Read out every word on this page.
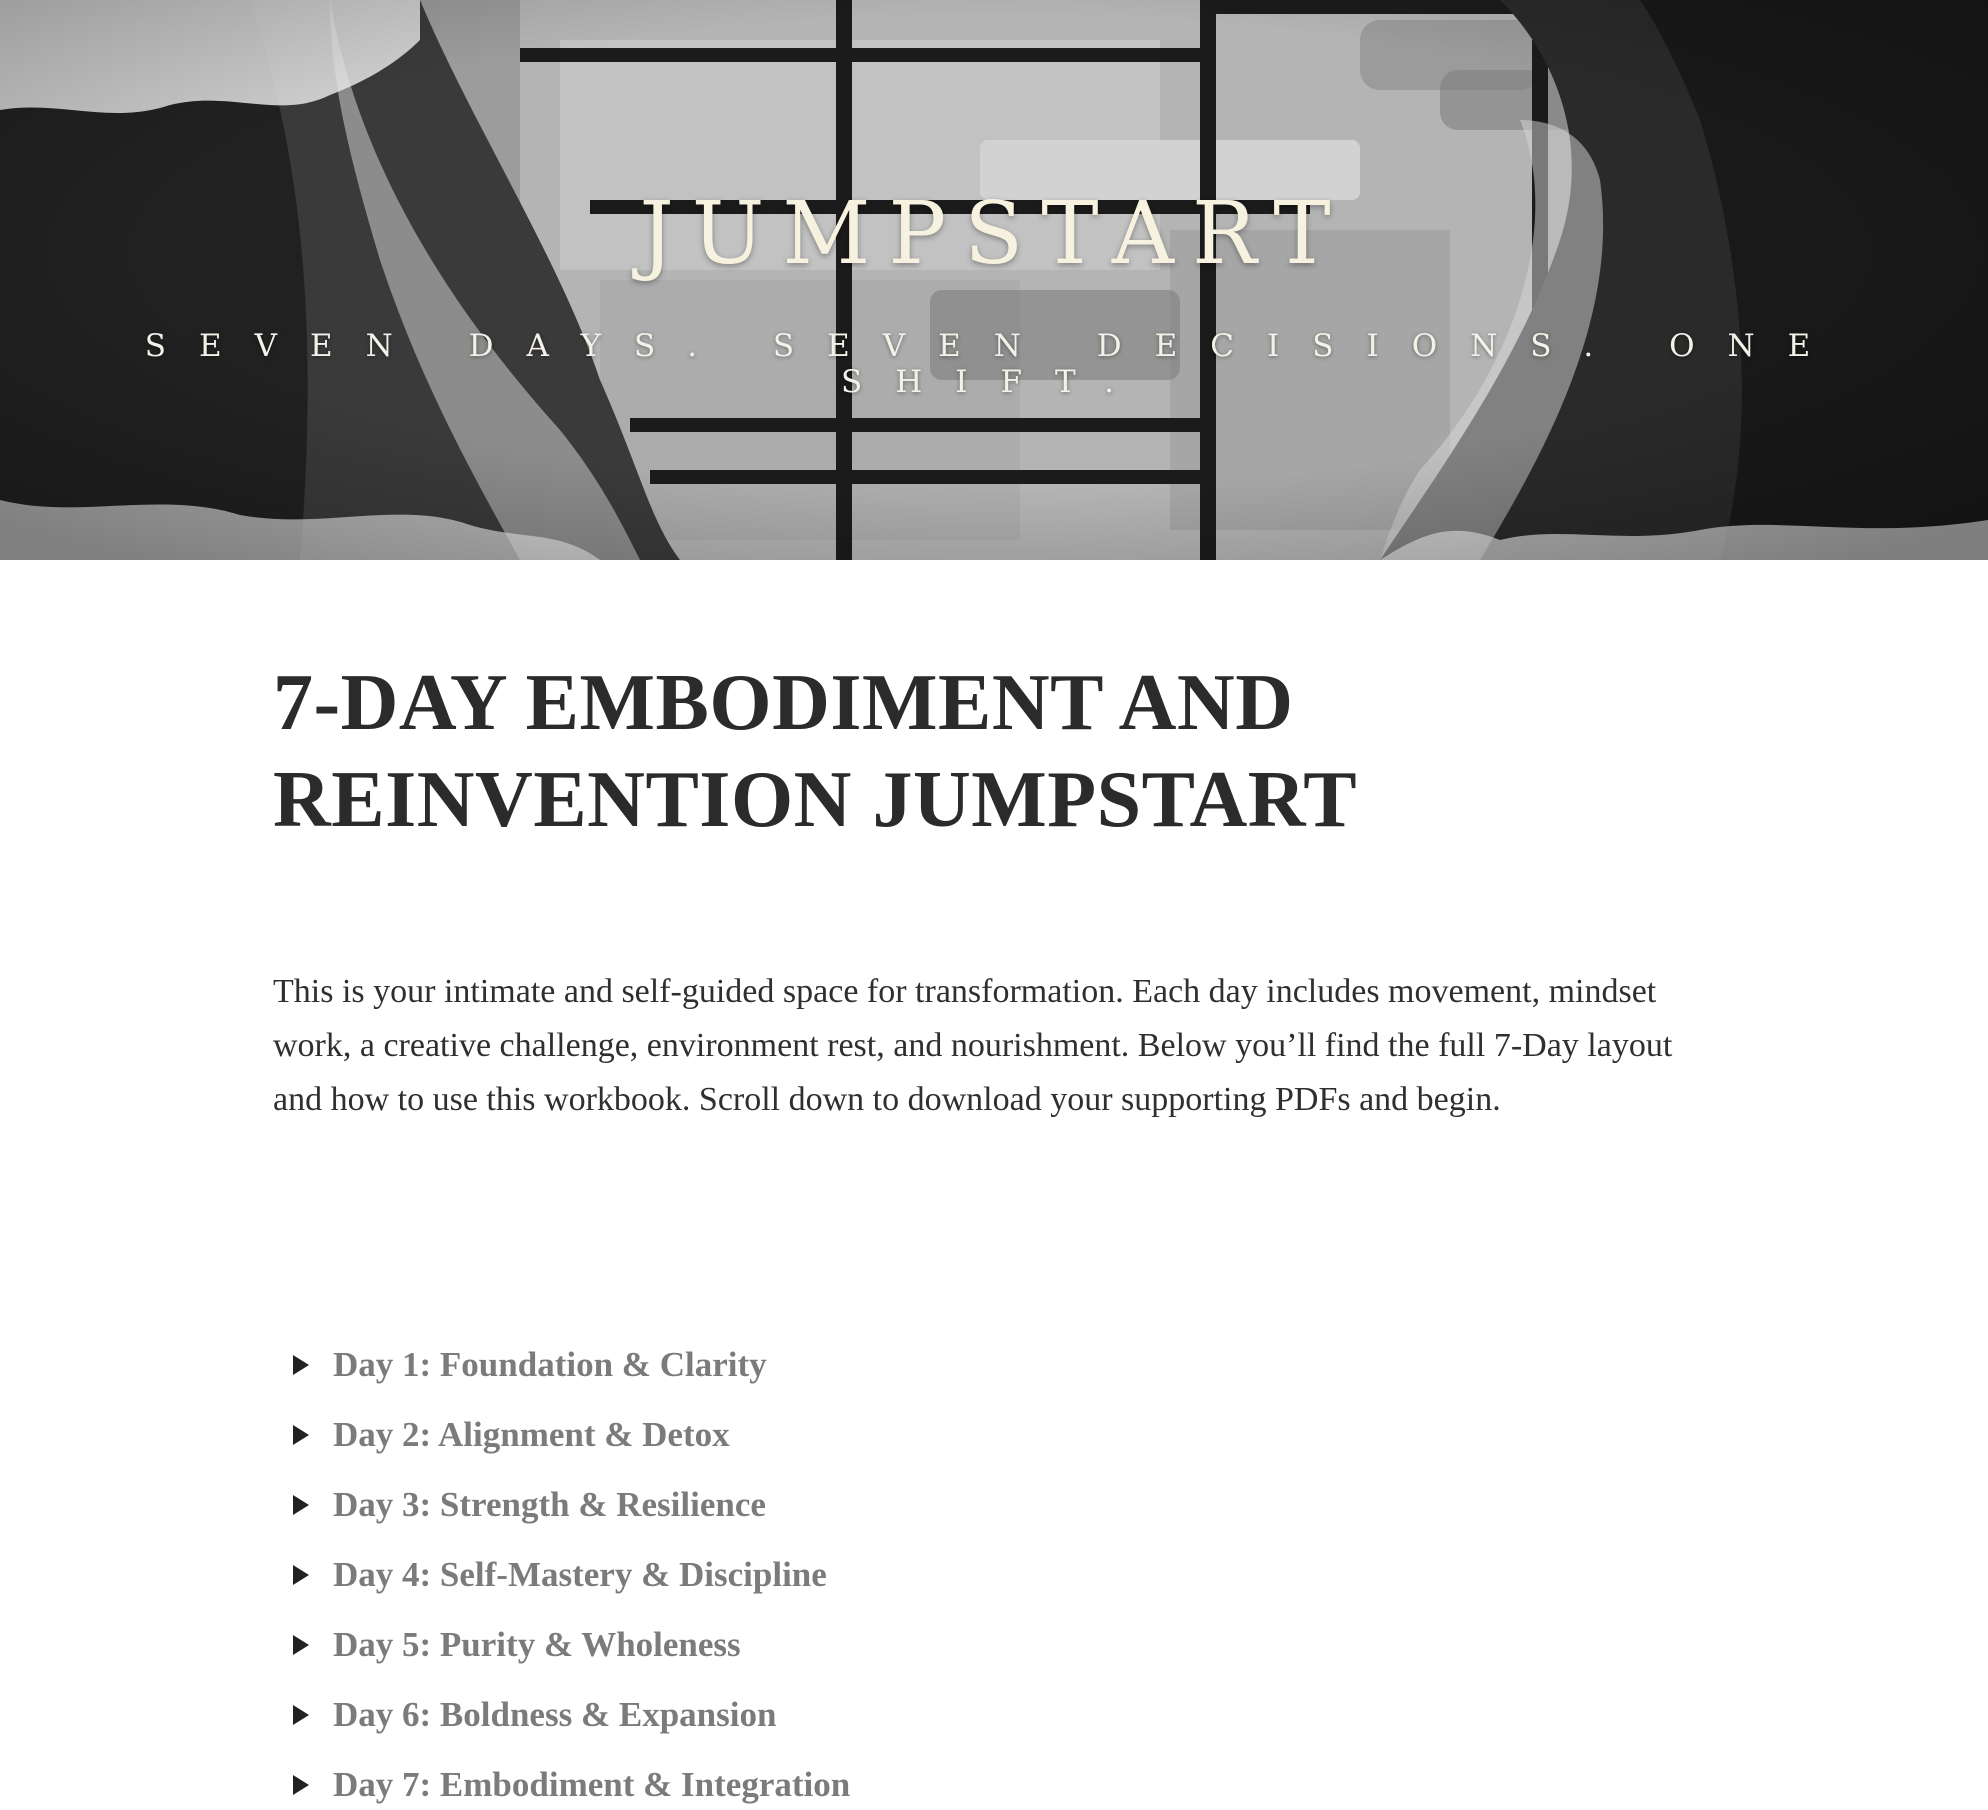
JUMPSTART

SEVEN DAYS. SEVEN DECISIONS. ONE SHIFT.

7-DAY EMBODIMENT AND
REINVENTION JUMPSTART

This is your intimate and self-guided space for transformation. Each day includes movement, mindset work, a creative challenge, environment rest, and nourishment. Below you’ll find the full 7-Day layout and how to use this workbook. Scroll down to download your supporting PDFs and begin.

Day 1: Foundation & Clarity
Day 2: Alignment & Detox
Day 3: Strength & Resilience
Day 4: Self-Mastery & Discipline
Day 5: Purity & Wholeness
Day 6: Boldness & Expansion
Day 7: Embodiment & Integration
